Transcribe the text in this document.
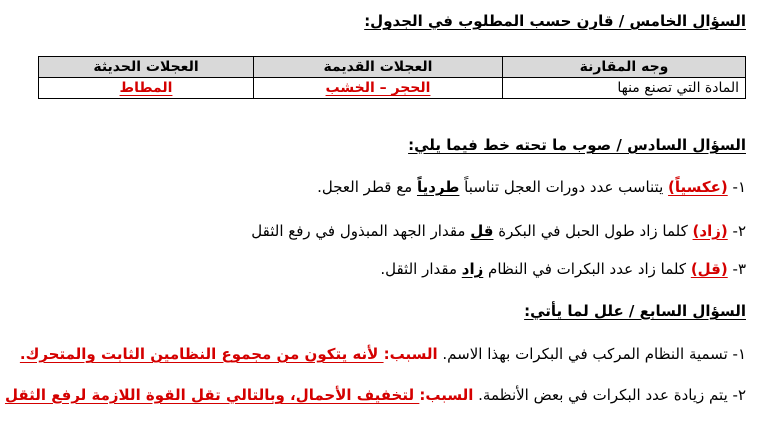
السؤال الخامس / قارن حسب المطلوب في الجدول:
وجه المقارنة	العجلات القديمة	العجلات الحديثة
المادة التي تصنع منها	الحجر – الخشب	المطاط
السؤال السادس / صوب ما تحته خط فيما يلي:
١- (عكسياً) يتناسب عدد دورات العجل تناسباً طردياً مع قطر العجل.
٢- (زاد) كلما زاد طول الحبل في البكرة قل مقدار الجهد المبذول في رفع الثقل
٣- (قل) كلما زاد عدد البكرات في النظام زاد مقدار الثقل.
السؤال السابع / علل لما يأتي:
١- تسمية النظام المركب في البكرات بهذا الاسم. السبب: لأنه يتكون من مجموع النظامين الثابت والمتحرك.
٢- يتم زيادة عدد البكرات في بعض الأنظمة. السبب: لتخفيف الأحمال، وبالتالي تقل القوة اللازمة لرفع الثقل
